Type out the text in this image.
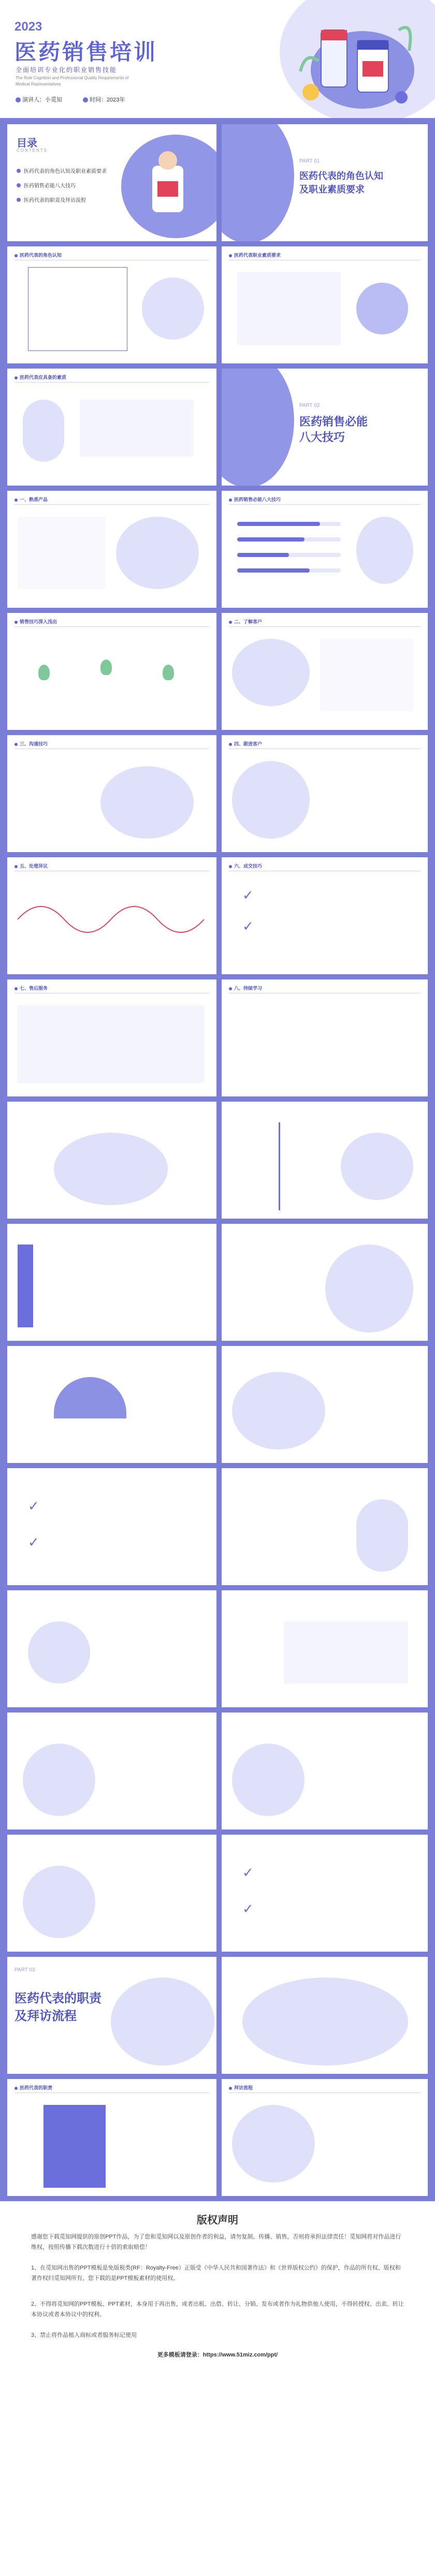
2023
医药销售培训
全面培训专业化的职业销售技能
The Role Cognition and Professional Quality Requirements of
Medical Representatives
演讲人：小觅知	时间：2023年
目录
CONTENTS
医药代表的角色认知及职业素质要求
医药销售必能八大技巧
医药代表的职责及拜访流程
PART 01
医药代表的角色认知
及职业素质要求
医药代表的角色认知	医药代表职业素质要求
医药代表应具备的素质
PART 02
医药销售必能
八大技巧
一、熟悉产品	医药销售必能八大技巧
销售技巧深入浅出	二、了解客户
三、沟通技巧	四、跟进客户
五、处理异议	六、成交技巧
✓
✓
七、售后服务	八、持续学习
✓
✓
✓
✓
PART 03
医药代表的职责
及拜访流程
医药代表的职责	拜访流程
版权声明
感谢您下载觅知网提供的原创PPT作品，为了您和觅知网以及原创作者的利益，请勿复制、传播、销售，否则将承担法律责任！觅知网将对作品进行维权，按照传播下载次数进行十倍的索取赔偿！
1、在觅知网出售的PPT模板是免版税类(RF：Royalty-Free）正版受《中华人民共和国著作法》和《世界版权公约》的保护，作品的所有权、版权和著作权归觅知网所有，您下载的是PPT模板素材的使用权。
2、不得将觅知网的PPT模板、PPT素材，本身用于再出售，或者出租、出借、转让、分销、发布或者作为礼物供他人使用，不得转授权、出卖、转让本协议或者本协议中的权利。
3、禁止将作品植入商标或者服务标记使用
更多模板请登录：https://www.51miz.com/ppt/
